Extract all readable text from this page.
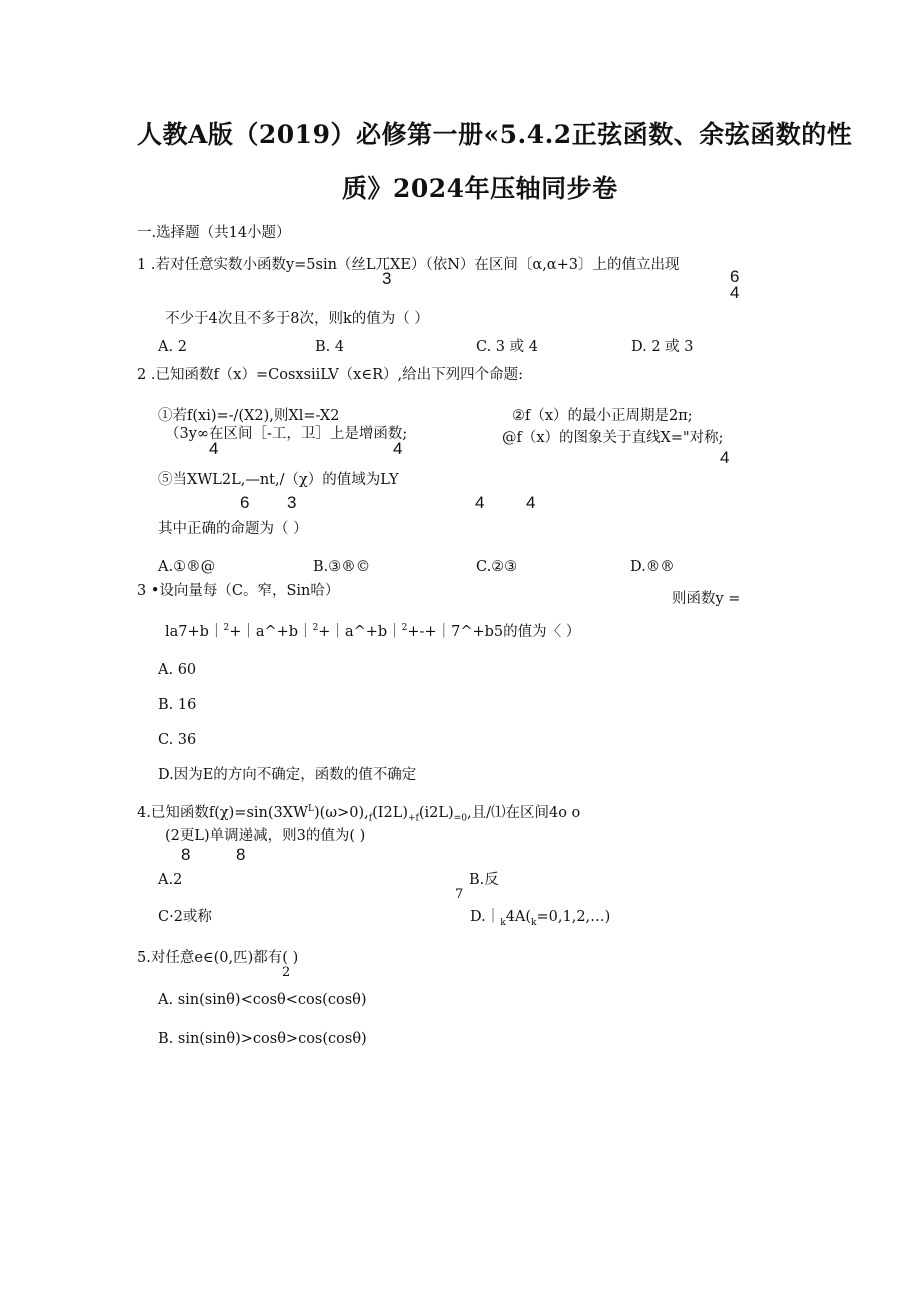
人教A版（2019）必修第一册«5.4.2正弦函数、余弦函数的性
质》2024年压轴同步卷
一.选择题（共14小题）
1 .若对任意实数小函数y=5sin（丝L兀XE）（依N）在区间〔α,α+3〕上的值立出现
3	6
4
不少于4次且不多于8次，则k的值为（ ）
A. 2	B. 4	C. 3 或 4	D. 2 或 3
2 .已知函数f（x）=CosxsiiLV（x∈R）,给出下列四个命题:
①若f(xi)=-/(X2),则Xl=-X2	②f（x）的最小正周期是2π;
（3y∞在区间［-工，卫］上是增函数;
4	4
@f（x）的图象关于直线X="对称;
4
⑤当XWL2L,—nt,/（χ）的值域为LY
6 3	4 4
其中正确的命题为（ ）
A.①®@	B.③®©	C.②③	D.®®
3 •设向量每（C。窄，Sin哈）	则函数y =
la7+b｜$^2$+｜a^+b｜$^2$+｜a^+b｜$^2$+-+｜7^+b5的值为〈 ）
A. 60
B. 16
C. 36
D.因为E的方向不确定，函数的值不确定
4.已知函数$f(\chi)=\sin(3XW^L)(\omega>0),_f(I2L)_{+f}(i2L)_{=0}$,且/⑴在区间4o o
(2更L)单调递减，则3的值为( )
8	8
A.2	B.反
7
C·2或称	$D.|_k4A(_k=0,1,2,\dots)$
5.对任意e∈(0,匹)都有( )
2
A. sin(sinθ)<cosθ<cos(cosθ)
B. sin(sinθ)>cosθ>cos(cosθ)
